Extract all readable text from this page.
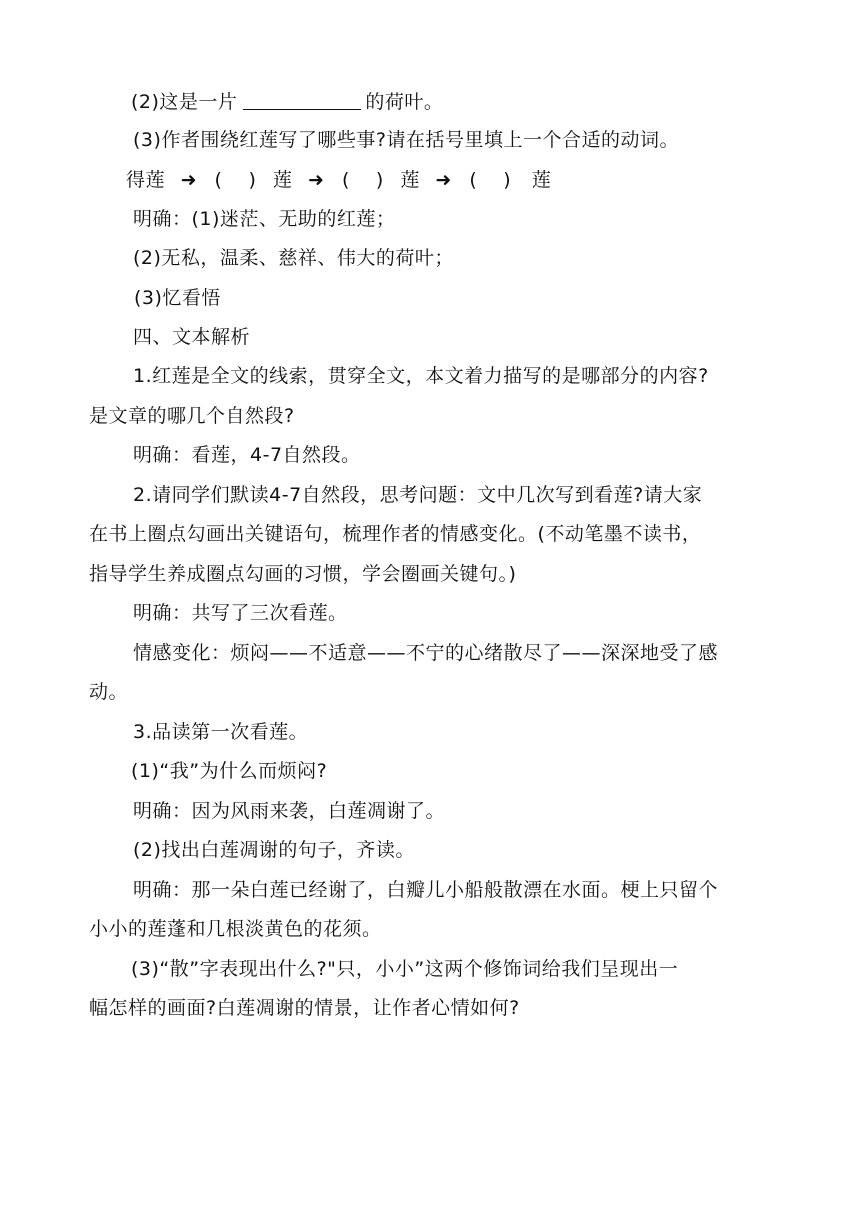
(2)这是一片	的荷叶。
(3)作者围绕红莲写了哪些事?请在括号里填上一个合适的动词。
得莲 ➜ ( ) 莲 ➜ ( ) 莲 ➜ ( ) 莲
明确：(1)迷茫、无助的红莲；
(2)无私，温柔、慈祥、伟大的荷叶；
(3)忆看悟
四、文本解析
1.红莲是全文的线索，贯穿全文，本文着力描写的是哪部分的内容?
是文章的哪几个自然段?
明确：看莲，4-7自然段。
2.请同学们默读4-7自然段，思考问题：文中几次写到看莲?请大家
在书上圈点勾画出关键语句，梳理作者的情感变化。(不动笔墨不读书，
指导学生养成圈点勾画的习惯，学会圈画关键句。)
明确：共写了三次看莲。
情感变化：烦闷——不适意——不宁的心绪散尽了——深深地受了感
动。
3.品读第一次看莲。
(1)“我”为什么而烦闷?
明确：因为风雨来袭，白莲凋谢了。
(2)找出白莲凋谢的句子，齐读。
明确：那一朵白莲已经谢了，白瓣儿小船般散漂在水面。梗上只留个
小小的莲蓬和几根淡黄色的花须。
(3)“散”字表现出什么?"只，小小”这两个修饰词给我们呈现出一
幅怎样的画面?白莲凋谢的情景，让作者心情如何?
